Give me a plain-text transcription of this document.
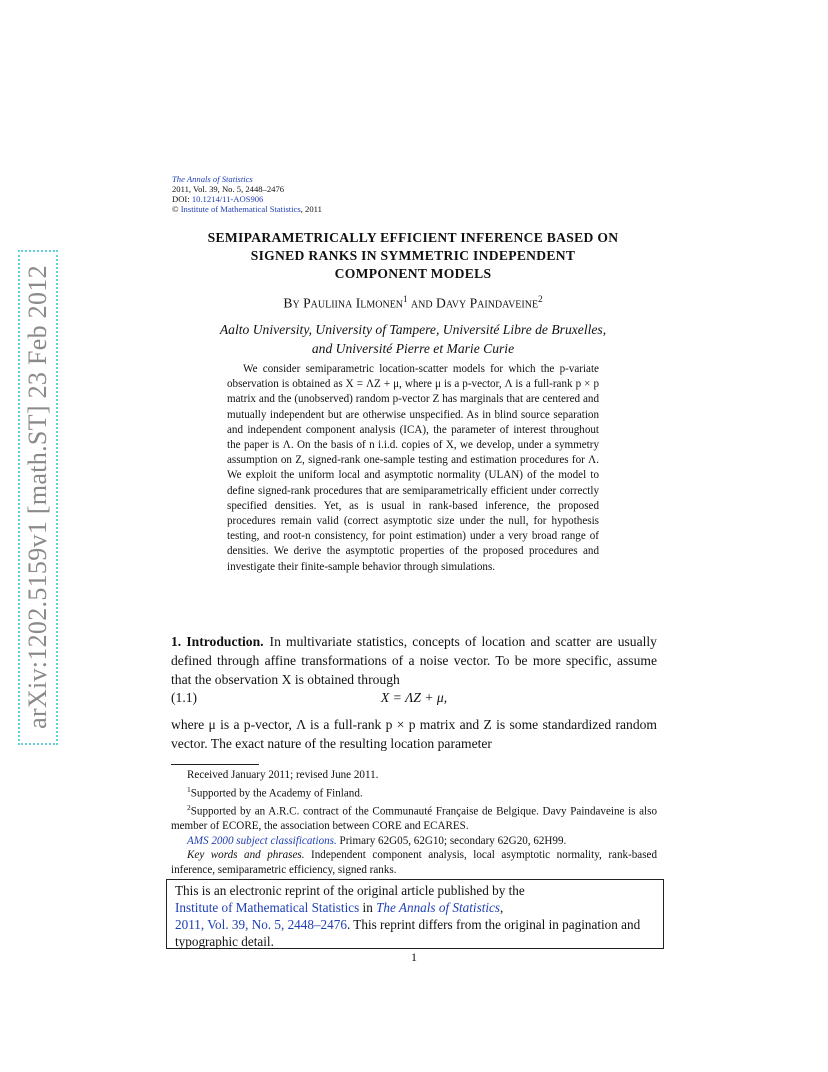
arXiv:1202.5159v1 [math.ST] 23 Feb 2012
The Annals of Statistics
2011, Vol. 39, No. 5, 2448–2476
DOI: 10.1214/11-AOS906
© Institute of Mathematical Statistics, 2011
SEMIPARAMETRICALLY EFFICIENT INFERENCE BASED ON
SIGNED RANKS IN SYMMETRIC INDEPENDENT
COMPONENT MODELS
By Pauliina Ilmonen$^1$ and Davy Paindaveine$^2$
Aalto University, University of Tampere, Université Libre de Bruxelles,
and Université Pierre et Marie Curie

We consider semiparametric location-scatter models for which the p-variate observation is obtained as X = ΛZ + μ, where μ is a p-vector, Λ is a full-rank p × p matrix and the (unobserved) random p-vector Z has marginals that are centered and mutually independent but are otherwise unspecified. As in blind source separation and independent component analysis (ICA), the parameter of interest throughout the paper is Λ. On the basis of n i.i.d. copies of X, we develop, under a symmetry assumption on Z, signed-rank one-sample testing and estimation procedures for Λ. We exploit the uniform local and asymptotic normality (ULAN) of the model to define signed-rank procedures that are semiparametrically efficient under correctly specified densities. Yet, as is usual in rank-based inference, the proposed procedures remain valid (correct asymptotic size under the null, for hypothesis testing, and root-n consistency, for point estimation) under a very broad range of densities. We derive the asymptotic properties of the proposed procedures and investigate their finite-sample behavior through simulations.

1. Introduction. In multivariate statistics, concepts of location and scatter are usually defined through affine transformations of a noise vector. To be more specific, assume that the observation X is obtained through

(1.1)	X = ΛZ + μ,

where μ is a p-vector, Λ is a full-rank p × p matrix and Z is some standardized random vector. The exact nature of the resulting location parameter

Received January 2011; revised June 2011.

$^1$Supported by the Academy of Finland.

$^2$Supported by an A.R.C. contract of the Communauté Française de Belgique. Davy Paindaveine is also member of ECORE, the association between CORE and ECARES.

AMS 2000 subject classifications. Primary 62G05, 62G10; secondary 62G20, 62H99.

Key words and phrases. Independent component analysis, local asymptotic normality, rank-based inference, semiparametric efficiency, signed ranks.

This is an electronic reprint of the original article published by the
Institute of Mathematical Statistics in The Annals of Statistics,
2011, Vol. 39, No. 5, 2448–2476. This reprint differs from the original in pagination and typographic detail.
1
